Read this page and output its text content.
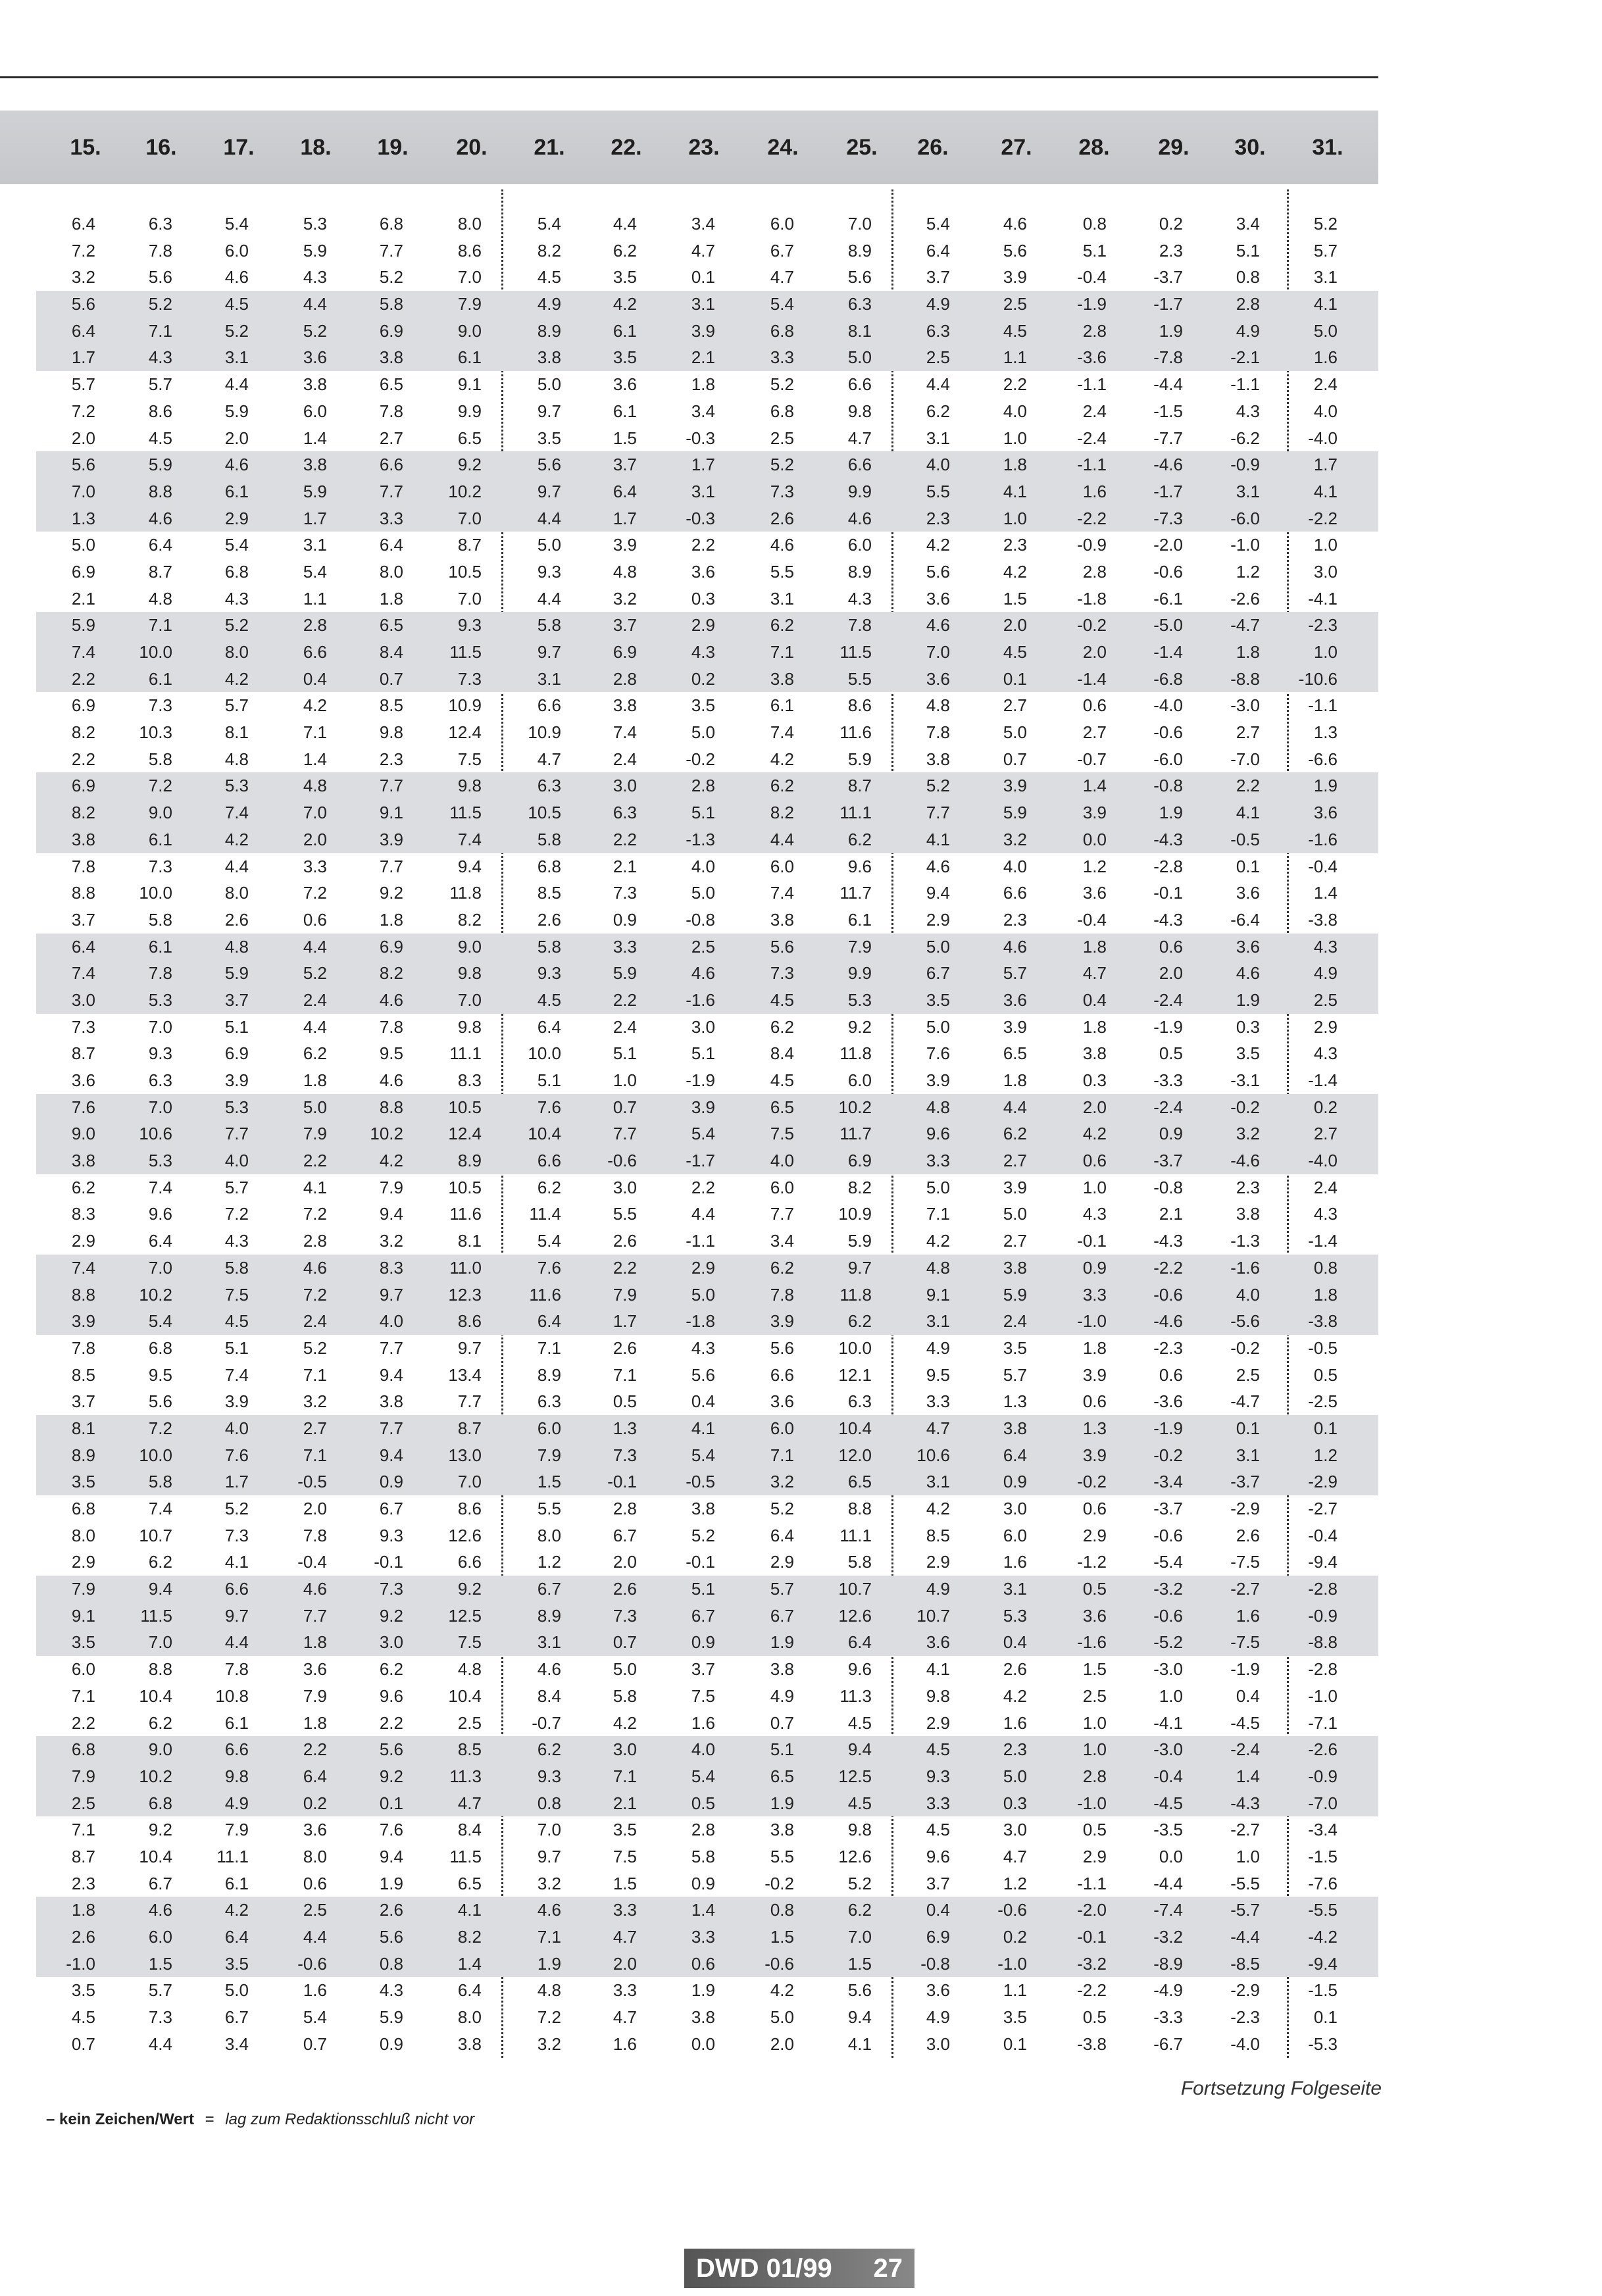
15. 16. 17. 18. 19. 20. 21. 22. 23. 24. 25. 26. 27. 28. 29. 30. 31.
6.4	6.3	5.4	5.3	6.8	8.0	5.4	4.4	3.4	6.0	7.0	5.4	4.6	0.8	0.2	3.4	5.2
7.2	7.8	6.0	5.9	7.7	8.6	8.2	6.2	4.7	6.7	8.9	6.4	5.6	5.1	2.3	5.1	5.7
3.2	5.6	4.6	4.3	5.2	7.0	4.5	3.5	0.1	4.7	5.6	3.7	3.9	-0.4	-3.7	0.8	3.1
5.6	5.2	4.5	4.4	5.8	7.9	4.9	4.2	3.1	5.4	6.3	4.9	2.5	-1.9	-1.7	2.8	4.1
6.4	7.1	5.2	5.2	6.9	9.0	8.9	6.1	3.9	6.8	8.1	6.3	4.5	2.8	1.9	4.9	5.0
1.7	4.3	3.1	3.6	3.8	6.1	3.8	3.5	2.1	3.3	5.0	2.5	1.1	-3.6	-7.8	-2.1	1.6
5.7	5.7	4.4	3.8	6.5	9.1	5.0	3.6	1.8	5.2	6.6	4.4	2.2	-1.1	-4.4	-1.1	2.4
7.2	8.6	5.9	6.0	7.8	9.9	9.7	6.1	3.4	6.8	9.8	6.2	4.0	2.4	-1.5	4.3	4.0
2.0	4.5	2.0	1.4	2.7	6.5	3.5	1.5	-0.3	2.5	4.7	3.1	1.0	-2.4	-7.7	-6.2	-4.0
5.6	5.9	4.6	3.8	6.6	9.2	5.6	3.7	1.7	5.2	6.6	4.0	1.8	-1.1	-4.6	-0.9	1.7
7.0	8.8	6.1	5.9	7.7	10.2	9.7	6.4	3.1	7.3	9.9	5.5	4.1	1.6	-1.7	3.1	4.1
1.3	4.6	2.9	1.7	3.3	7.0	4.4	1.7	-0.3	2.6	4.6	2.3	1.0	-2.2	-7.3	-6.0	-2.2
5.0	6.4	5.4	3.1	6.4	8.7	5.0	3.9	2.2	4.6	6.0	4.2	2.3	-0.9	-2.0	-1.0	1.0
6.9	8.7	6.8	5.4	8.0	10.5	9.3	4.8	3.6	5.5	8.9	5.6	4.2	2.8	-0.6	1.2	3.0
2.1	4.8	4.3	1.1	1.8	7.0	4.4	3.2	0.3	3.1	4.3	3.6	1.5	-1.8	-6.1	-2.6	-4.1
5.9	7.1	5.2	2.8	6.5	9.3	5.8	3.7	2.9	6.2	7.8	4.6	2.0	-0.2	-5.0	-4.7	-2.3
7.4	10.0	8.0	6.6	8.4	11.5	9.7	6.9	4.3	7.1	11.5	7.0	4.5	2.0	-1.4	1.8	1.0
2.2	6.1	4.2	0.4	0.7	7.3	3.1	2.8	0.2	3.8	5.5	3.6	0.1	-1.4	-6.8	-8.8	-10.6
6.9	7.3	5.7	4.2	8.5	10.9	6.6	3.8	3.5	6.1	8.6	4.8	2.7	0.6	-4.0	-3.0	-1.1
8.2	10.3	8.1	7.1	9.8	12.4	10.9	7.4	5.0	7.4	11.6	7.8	5.0	2.7	-0.6	2.7	1.3
2.2	5.8	4.8	1.4	2.3	7.5	4.7	2.4	-0.2	4.2	5.9	3.8	0.7	-0.7	-6.0	-7.0	-6.6
6.9	7.2	5.3	4.8	7.7	9.8	6.3	3.0	2.8	6.2	8.7	5.2	3.9	1.4	-0.8	2.2	1.9
8.2	9.0	7.4	7.0	9.1	11.5	10.5	6.3	5.1	8.2	11.1	7.7	5.9	3.9	1.9	4.1	3.6
3.8	6.1	4.2	2.0	3.9	7.4	5.8	2.2	-1.3	4.4	6.2	4.1	3.2	0.0	-4.3	-0.5	-1.6
7.8	7.3	4.4	3.3	7.7	9.4	6.8	2.1	4.0	6.0	9.6	4.6	4.0	1.2	-2.8	0.1	-0.4
8.8	10.0	8.0	7.2	9.2	11.8	8.5	7.3	5.0	7.4	11.7	9.4	6.6	3.6	-0.1	3.6	1.4
3.7	5.8	2.6	0.6	1.8	8.2	2.6	0.9	-0.8	3.8	6.1	2.9	2.3	-0.4	-4.3	-6.4	-3.8
6.4	6.1	4.8	4.4	6.9	9.0	5.8	3.3	2.5	5.6	7.9	5.0	4.6	1.8	0.6	3.6	4.3
7.4	7.8	5.9	5.2	8.2	9.8	9.3	5.9	4.6	7.3	9.9	6.7	5.7	4.7	2.0	4.6	4.9
3.0	5.3	3.7	2.4	4.6	7.0	4.5	2.2	-1.6	4.5	5.3	3.5	3.6	0.4	-2.4	1.9	2.5
7.3	7.0	5.1	4.4	7.8	9.8	6.4	2.4	3.0	6.2	9.2	5.0	3.9	1.8	-1.9	0.3	2.9
8.7	9.3	6.9	6.2	9.5	11.1	10.0	5.1	5.1	8.4	11.8	7.6	6.5	3.8	0.5	3.5	4.3
3.6	6.3	3.9	1.8	4.6	8.3	5.1	1.0	-1.9	4.5	6.0	3.9	1.8	0.3	-3.3	-3.1	-1.4
7.6	7.0	5.3	5.0	8.8	10.5	7.6	0.7	3.9	6.5	10.2	4.8	4.4	2.0	-2.4	-0.2	0.2
9.0	10.6	7.7	7.9	10.2	12.4	10.4	7.7	5.4	7.5	11.7	9.6	6.2	4.2	0.9	3.2	2.7
3.8	5.3	4.0	2.2	4.2	8.9	6.6	-0.6	-1.7	4.0	6.9	3.3	2.7	0.6	-3.7	-4.6	-4.0
6.2	7.4	5.7	4.1	7.9	10.5	6.2	3.0	2.2	6.0	8.2	5.0	3.9	1.0	-0.8	2.3	2.4
8.3	9.6	7.2	7.2	9.4	11.6	11.4	5.5	4.4	7.7	10.9	7.1	5.0	4.3	2.1	3.8	4.3
2.9	6.4	4.3	2.8	3.2	8.1	5.4	2.6	-1.1	3.4	5.9	4.2	2.7	-0.1	-4.3	-1.3	-1.4
7.4	7.0	5.8	4.6	8.3	11.0	7.6	2.2	2.9	6.2	9.7	4.8	3.8	0.9	-2.2	-1.6	0.8
8.8	10.2	7.5	7.2	9.7	12.3	11.6	7.9	5.0	7.8	11.8	9.1	5.9	3.3	-0.6	4.0	1.8
3.9	5.4	4.5	2.4	4.0	8.6	6.4	1.7	-1.8	3.9	6.2	3.1	2.4	-1.0	-4.6	-5.6	-3.8
7.8	6.8	5.1	5.2	7.7	9.7	7.1	2.6	4.3	5.6	10.0	4.9	3.5	1.8	-2.3	-0.2	-0.5
8.5	9.5	7.4	7.1	9.4	13.4	8.9	7.1	5.6	6.6	12.1	9.5	5.7	3.9	0.6	2.5	0.5
3.7	5.6	3.9	3.2	3.8	7.7	6.3	0.5	0.4	3.6	6.3	3.3	1.3	0.6	-3.6	-4.7	-2.5
8.1	7.2	4.0	2.7	7.7	8.7	6.0	1.3	4.1	6.0	10.4	4.7	3.8	1.3	-1.9	0.1	0.1
8.9	10.0	7.6	7.1	9.4	13.0	7.9	7.3	5.4	7.1	12.0	10.6	6.4	3.9	-0.2	3.1	1.2
3.5	5.8	1.7	-0.5	0.9	7.0	1.5	-0.1	-0.5	3.2	6.5	3.1	0.9	-0.2	-3.4	-3.7	-2.9
6.8	7.4	5.2	2.0	6.7	8.6	5.5	2.8	3.8	5.2	8.8	4.2	3.0	0.6	-3.7	-2.9	-2.7
8.0	10.7	7.3	7.8	9.3	12.6	8.0	6.7	5.2	6.4	11.1	8.5	6.0	2.9	-0.6	2.6	-0.4
2.9	6.2	4.1	-0.4	-0.1	6.6	1.2	2.0	-0.1	2.9	5.8	2.9	1.6	-1.2	-5.4	-7.5	-9.4
7.9	9.4	6.6	4.6	7.3	9.2	6.7	2.6	5.1	5.7	10.7	4.9	3.1	0.5	-3.2	-2.7	-2.8
9.1	11.5	9.7	7.7	9.2	12.5	8.9	7.3	6.7	6.7	12.6	10.7	5.3	3.6	-0.6	1.6	-0.9
3.5	7.0	4.4	1.8	3.0	7.5	3.1	0.7	0.9	1.9	6.4	3.6	0.4	-1.6	-5.2	-7.5	-8.8
6.0	8.8	7.8	3.6	6.2	4.8	4.6	5.0	3.7	3.8	9.6	4.1	2.6	1.5	-3.0	-1.9	-2.8
7.1	10.4	10.8	7.9	9.6	10.4	8.4	5.8	7.5	4.9	11.3	9.8	4.2	2.5	1.0	0.4	-1.0
2.2	6.2	6.1	1.8	2.2	2.5	-0.7	4.2	1.6	0.7	4.5	2.9	1.6	1.0	-4.1	-4.5	-7.1
6.8	9.0	6.6	2.2	5.6	8.5	6.2	3.0	4.0	5.1	9.4	4.5	2.3	1.0	-3.0	-2.4	-2.6
7.9	10.2	9.8	6.4	9.2	11.3	9.3	7.1	5.4	6.5	12.5	9.3	5.0	2.8	-0.4	1.4	-0.9
2.5	6.8	4.9	0.2	0.1	4.7	0.8	2.1	0.5	1.9	4.5	3.3	0.3	-1.0	-4.5	-4.3	-7.0
7.1	9.2	7.9	3.6	7.6	8.4	7.0	3.5	2.8	3.8	9.8	4.5	3.0	0.5	-3.5	-2.7	-3.4
8.7	10.4	11.1	8.0	9.4	11.5	9.7	7.5	5.8	5.5	12.6	9.6	4.7	2.9	0.0	1.0	-1.5
2.3	6.7	6.1	0.6	1.9	6.5	3.2	1.5	0.9	-0.2	5.2	3.7	1.2	-1.1	-4.4	-5.5	-7.6
1.8	4.6	4.2	2.5	2.6	4.1	4.6	3.3	1.4	0.8	6.2	0.4	-0.6	-2.0	-7.4	-5.7	-5.5
2.6	6.0	6.4	4.4	5.6	8.2	7.1	4.7	3.3	1.5	7.0	6.9	0.2	-0.1	-3.2	-4.4	-4.2
-1.0	1.5	3.5	-0.6	0.8	1.4	1.9	2.0	0.6	-0.6	1.5	-0.8	-1.0	-3.2	-8.9	-8.5	-9.4
3.5	5.7	5.0	1.6	4.3	6.4	4.8	3.3	1.9	4.2	5.6	3.6	1.1	-2.2	-4.9	-2.9	-1.5
4.5	7.3	6.7	5.4	5.9	8.0	7.2	4.7	3.8	5.0	9.4	4.9	3.5	0.5	-3.3	-2.3	0.1
0.7	4.4	3.4	0.7	0.9	3.8	3.2	1.6	0.0	2.0	4.1	3.0	0.1	-3.8	-6.7	-4.0	-5.3
Fortsetzung Folgeseite
– kein Zeichen/Wert = lag zum Redaktionsschluß nicht vor
DWD 01/99 27
